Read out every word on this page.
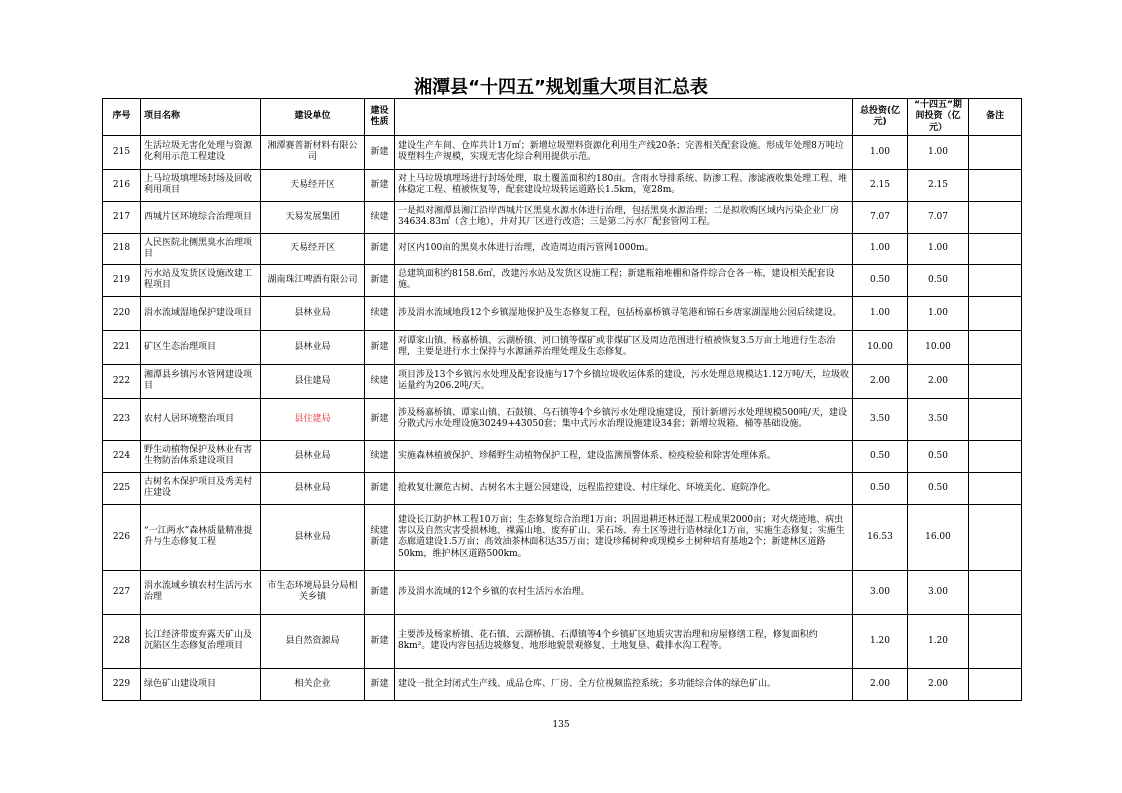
湘潭县“十四五”规划重大项目汇总表
序号	项目名称	建设单位	建设性质		总投资(亿元)	“十四五”期间投资（亿元）	备注
215	生活垃圾无害化处理与资源化利用示范工程建设	湘潭赛普新材料有限公司	新建	建设生产车间、仓库共计1万㎡；新增垃圾塑料资源化利用生产线20条；完善相关配套设施。形成年处理8万吨垃圾塑料生产规模，实现无害化综合利用提供示范。	1.00	1.00	
216	上马垃圾填埋场封场及回收利用项目	天易经开区	新建	对上马垃圾填埋场进行封场处理，取土覆盖面积约180亩。含雨水导排系统、防渗工程、渗滤液收集处理工程、堆体稳定工程、植被恢复等，配套建设垃圾转运道路长1.5km，宽28m。	2.15	2.15	
217	西城片区环境综合治理项目	天易发展集团	续建	一是拟对湘潭县湘江沿岸西城片区黑臭水源水体进行治理，包括黑臭水源治理；二是拟收购区域内污染企业厂房34634.83㎡（含土地），并对其厂区进行改造；三是第二污水厂配套管网工程。	7.07	7.07	
218	人民医院北侧黑臭水治理项目	天易经开区	新建	对区内100亩的黑臭水体进行治理，改造周边雨污管网1000m。	1.00	1.00	
219	污水站及发货区设施改建工程项目	湖南珠江啤酒有限公司	新建	总建筑面积约8158.6㎡，改建污水站及发货区设施工程；新建瓶箱堆棚和备件综合仓各一栋，建设相关配套设施。	0.50	0.50	
220	涓水流域湿地保护建设项目	县林业局	续建	涉及涓水流域地段12个乡镇湿地保护及生态修复工程，包括杨嘉桥镇寻笔港和锦石乡唐家湖湿地公园后续建设。	1.00	1.00	
221	矿区生态治理项目	县林业局	新建	对谭家山镇、杨嘉桥镇、云湖桥镇、河口镇等煤矿或非煤矿区及周边范围进行植被恢复3.5万亩土地进行生态治理，主要是进行水土保持与水源涵养治理处理及生态修复。	10.00	10.00	
222	湘潭县乡镇污水管网建设项目	县住建局	续建	项目涉及13个乡镇污水处理及配套设施与17个乡镇垃圾收运体系的建设，污水处理总规模达1.12万吨/天，垃圾收运量约为206.2吨/天。	2.00	2.00	
223	农村人居环境整治项目	县住建局	新建	涉及杨嘉桥镇、谭家山镇、石鼓镇、乌石镇等4个乡镇污水处理设施建设，预计新增污水处理规模500吨/天，建设分散式污水处理设施30249+43050套；集中式污水治理设施建设34套；新增垃圾箱、桶等基础设施。	3.50	3.50	
224	野生动植物保护及林业有害生物防治体系建设项目	县林业局	续建	实施森林植被保护、珍稀野生动植物保护工程，建设监测预警体系、检疫检验和除害处理体系。	0.50	0.50	
225	古树名木保护项目及秀美村庄建设	县林业局	新建	抢救复壮濒危古树、古树名木主题公园建设，远程监控建设、村庄绿化、环境美化、庭院净化。	0.50	0.50	
226	“一江两水”森林质量精准提升与生态修复工程	县林业局	续建新建	建设长江防护林工程10万亩；生态修复综合治理1万亩；巩固退耕还林还湿工程成果2000亩；对火烧迹地、病虫害以及自然灾害受损林地、裸露山地、废弃矿山、采石场、弃土区等进行造林绿化1万亩，实施生态修复；实施生态廊道建设1.5万亩；高效油茶林面积达35万亩；建设珍稀树种或现模乡土树种培育基地2个；新建林区道路50km，维护林区道路500km。	16.53	16.00	
227	涓水流域乡镇农村生活污水治理	市生态环境局县分局相关乡镇	新建	涉及涓水流域的12个乡镇的农村生活污水治理。	3.00	3.00	
228	长江经济带废弃露天矿山及沉陷区生态修复治理项目	县自然资源局	新建	主要涉及杨家桥镇、花石镇、云湖桥镇、石潭镇等4个乡镇矿区地质灾害治理和房屋修缮工程，修复面积约8km²。建设内容包括边坡修复、地形地貌景观修复、土地复垦、截排水沟工程等。	1.20	1.20	
229	绿色矿山建设项目	相关企业	新建	建设一批全封闭式生产线、成品仓库、厂房、全方位视频监控系统；多功能综合体的绿色矿山。	2.00	2.00	
135
